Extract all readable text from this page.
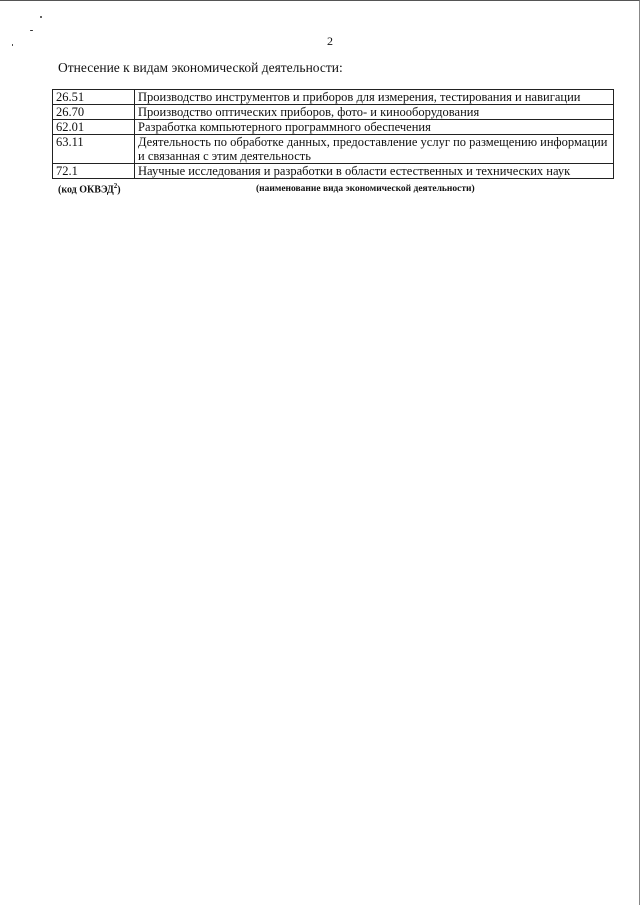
2
Отнесение к видам экономической деятельности:
26.51	Производство инструментов и приборов для измерения, тестирования и навигации
26.70	Производство оптических приборов, фото- и кинооборудования
62.01	Разработка компьютерного программного обеспечения
63.11	Деятельность по обработке данных, предоставление услуг по размещению информации и связанная с этим деятельность
72.1	Научные исследования и разработки в области естественных и технических наук
(код ОКВЭД$^2$)	(наименование вида экономической деятельности)
